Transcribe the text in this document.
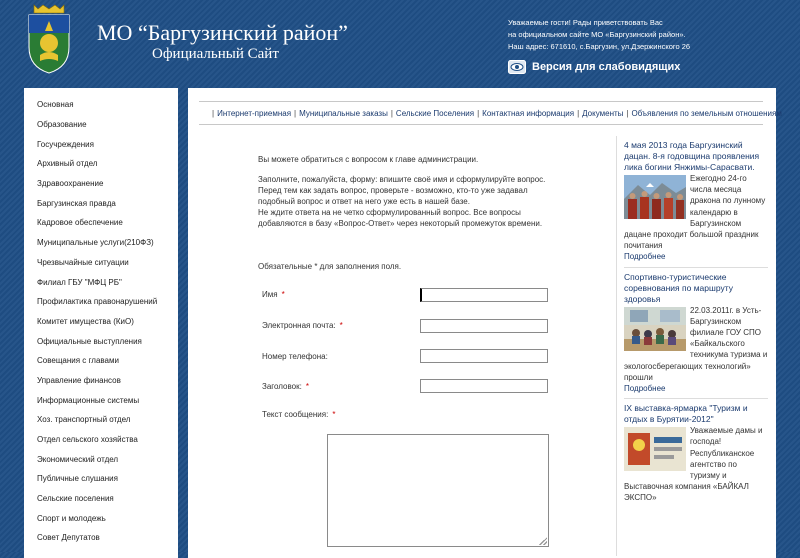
МО “Баргузинский район”
Официальный Сайт
Уважаемые гости! Рады приветствовать Вас
на официальном сайте МО «Баргузинский район».
Наш адрес: 671610, с.Баргузин, ул.Дзержинского 26
Версия для слабовидящих
Основная
Образование
Госучреждения
Архивный отдел
Здравоохранение
Баргузинская правда
Кадровое обеспечение
Муниципальные услуги(210ФЗ)
Чрезвычайные ситуации
Филиал ГБУ "МФЦ РБ"
Профилактика правонарушений
Комитет имущества (КиО)
Официальные выступления
Совещания с главами
Управление финансов
Информационные системы
Хоз. транспортный отдел
Отдел сельского хозяйства
Экономический отдел
Публичные слушания
Сельские поселения
Спорт и молодежь
Совет Депутатов
| Интернет-приемная | Муниципальные заказы | Сельские Поселения | Контактная информация | Документы | Объявления по земельным отношениям

Вы можете обратиться с вопросом к главе администрации.

Заполните, пожалуйста, форму: впишите своё имя и сформулируйте вопрос.
Перед тем как задать вопрос, проверьте - возможно, кто-то уже задавал
подобный вопрос и ответ на него уже есть в нашей базе.
Не ждите ответа на не четко сформулированный вопрос. Все вопросы
добавляются в базу «Вопрос-Ответ» через некоторый промежуток времени.

Обязательные * для заполнения поля.
Имя *
Электронная почта: *
Номер телефона:
Заголовок: *
Текст сообщения: *
4 мая 2013 года Баргузинский дацан. 8-я годовщина проявления лика богини Янжимы-Сарасвати.
Ежегодно 24-го числа месяца дракона по лунному календарю в Баргузинском дацане проходит большой праздник почитания
Подробнее
Спортивно-туристические соревнования по маршруту здоровья
22.03.2011г. в Усть-Баргузинском филиале ГОУ СПО «Байкальского техникума туризма и экологосберегающих технологий» прошли
Подробнее
IX выставка-ярмарка "Туризм и отдых в Бурятии-2012"
Уважаемые дамы и господа! Республиканское агентство по туризму и Выставочная компания «БАЙКАЛ ЭКСПО»
